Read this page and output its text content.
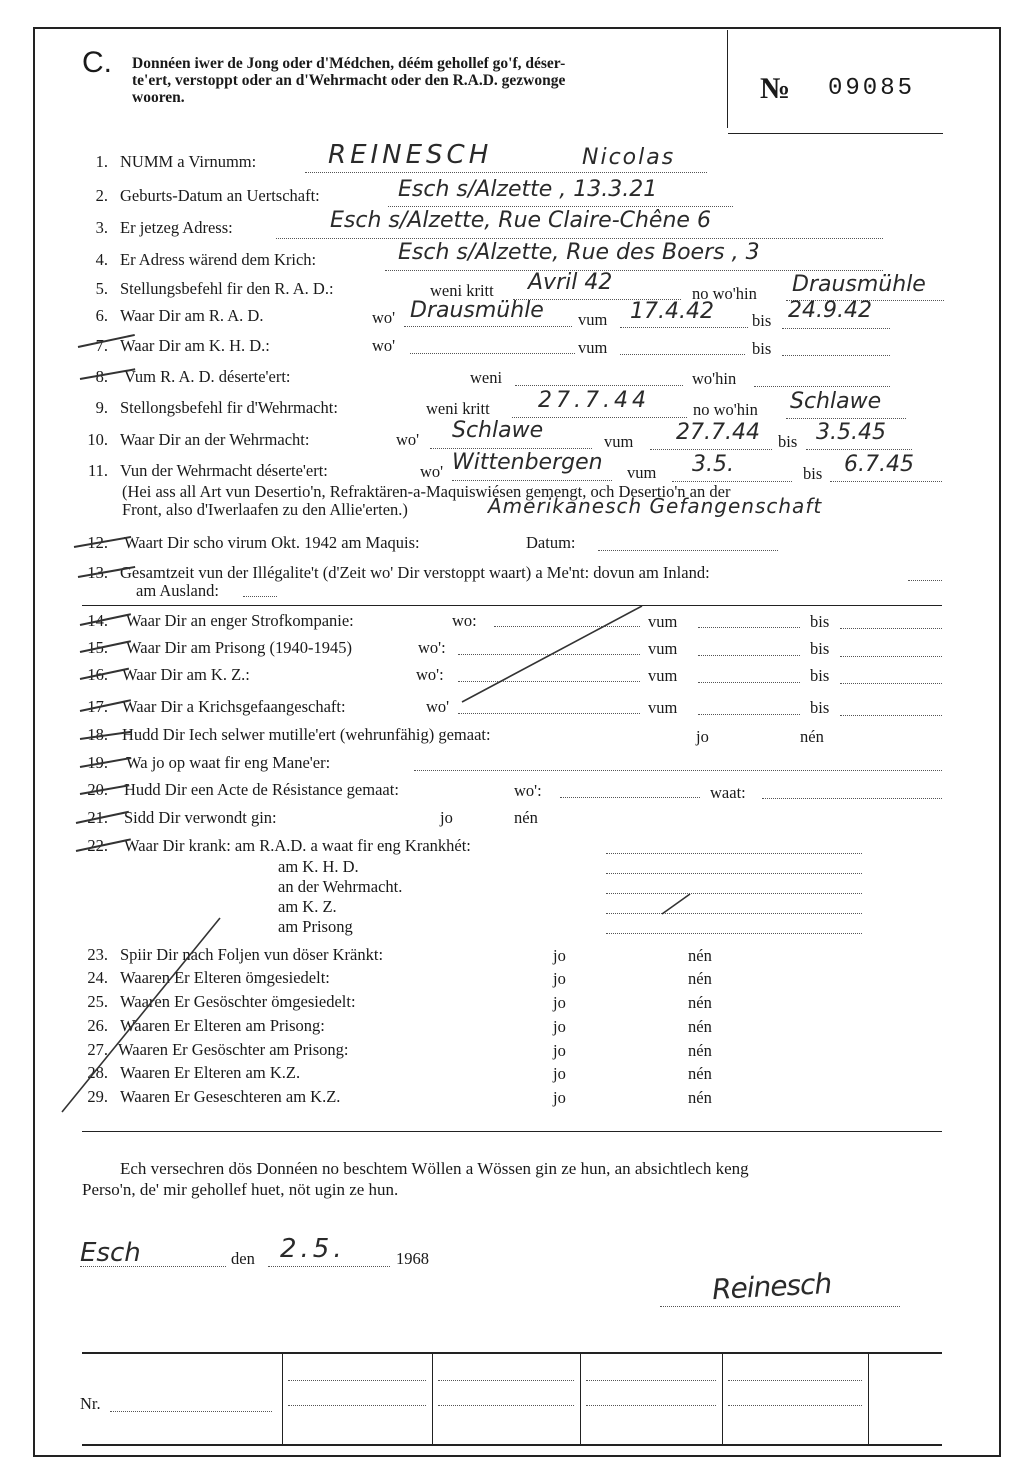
C. Donnéen iwer de Jong oder d'Médchen, déém gehollef go'f, déser-
te'ert, verstoppt oder an d'Wehrmacht oder den R.A.D. gezwonge
wooren.	№ 09085
1. NUMM a Virnumm:	REINESCH	Nicolas
2. Geburts-Datum an Uertschaft:	Esch s/Alzette , 13.3.21
3. Er jetzeg Adress:	Esch s/Alzette, Rue Claire-Chêne 6
4. Er Adress wärend dem Krich:	Esch s/Alzette, Rue des Boers , 3
5. Stellungsbefehl fir den R. A. D.:	weni kritt Avril 42	no wo'hin Drausmühle
6. Waar Dir am R. A. D.	wo' Drausmühle vum 17.4.42 bis 24.9.42
7. Waar Dir am K. H. D.:	wo'	vum	bis
8. Vum R. A. D. déserte'ert:	weni	wo'hin
9. Stellongsbefehl fir d'Wehrmacht:	weni kritt 27.7.44	no wo'hin Schlawe
10. Waar Dir an der Wehrmacht:	wo' Schlawe	vum 27.7.44 bis 3.5.45
11. Vun der Wehrmacht déserte'ert:	wo' Wittenbergen vum 3.5.	bis 6.7.45
(Hei ass all Art vun Desertio'n, Refraktären-a-Maquiswiésen gemengt, och Desertio'n an der
Front, also d'Iwerlaafen zu den Allie'erten.)	Amerikanesch Gefangenschaft
12. Waart Dir scho virum Okt. 1942 am Maquis:	Datum:
13. Gesamtzeit vun der Illégalite't (d'Zeit wo' Dir verstoppt waart) a Me'nt: dovun am Inland:
am Ausland:
14. Waar Dir an enger Strofkompanie:	wo:	vum	bis
15. Waar Dir am Prisong (1940-1945)	wo':	vum	bis
16. Waar Dir am K. Z.:	wo':	vum	bis
17. Waar Dir a Krichsgefaangeschaft:	wo'	vum	bis
18. Hudd Dir Iech selwer mutille'ert (wehrunfähig) gemaat:	jo	nén
19. Wa jo op waat fir eng Mane'er:
20. Hudd Dir een Acte de Résistance gemaat:	wo':	waat:
21. Sidd Dir verwondt gin:	jo	nén
22. Waar Dir krank: am R.A.D. a waat fir eng Krankhét:
am K. H. D.
an der Wehrmacht.
am K. Z.
am Prisong
23. Spiir Dir nach Foljen vun döser Kränkt:	jo	nén
24. Waaren Er Elteren ömgesiedelt:	jo	nén
25. Waaren Er Gesöschter ömgesiedelt:	jo	nén
26. Waaren Er Elteren am Prisong:	jo	nén
27. Waaren Er Gesöschter am Prisong:	jo	nén
28. Waaren Er Elteren am K.Z.	jo	nén
29. Waaren Er Geseschteren am K.Z.	jo	nén
Ech versechren dös Donnéen no beschtem Wöllen a Wössen gin ze hun, an absichtlech keng
Perso'n, de' mir gehollef huet, nöt ugin ze hun.
Esch	den 2.5.	1968
Reinesch
Nr.
